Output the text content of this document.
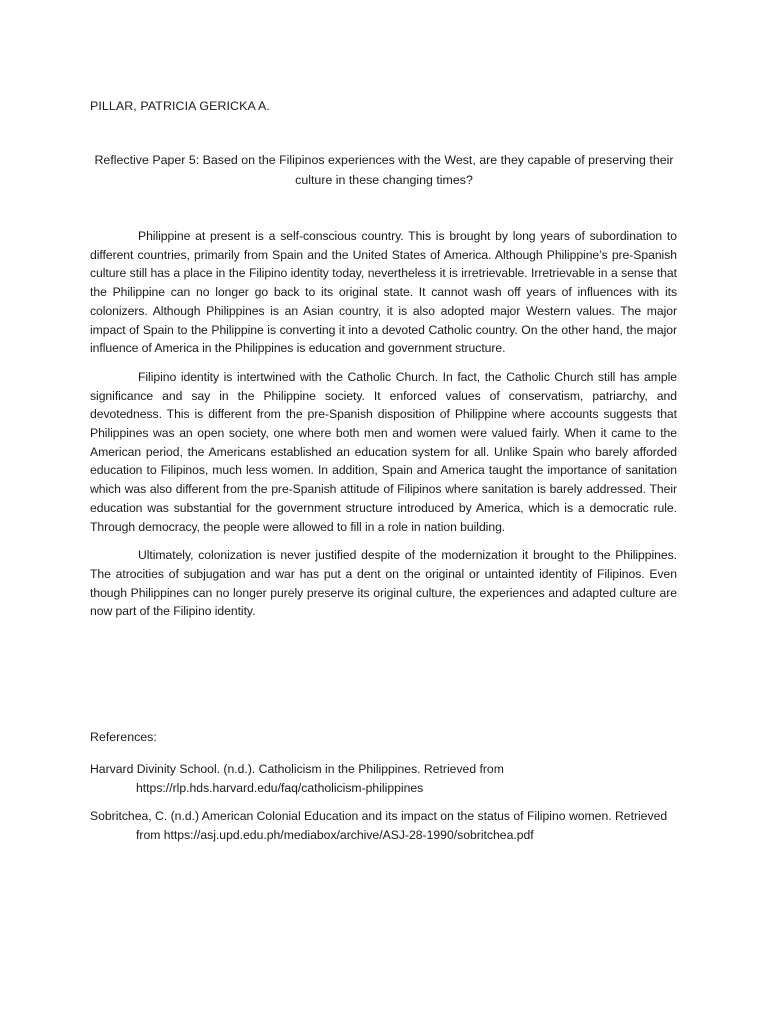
PILLAR, PATRICIA GERICKA A.
Reflective Paper 5: Based on the Filipinos experiences with the West, are they capable of preserving their culture in these changing times?

Philippine at present is a self-conscious country. This is brought by long years of subordination to different countries, primarily from Spain and the United States of America. Although Philippine’s pre-Spanish culture still has a place in the Filipino identity today, nevertheless it is irretrievable. Irretrievable in a sense that the Philippine can no longer go back to its original state. It cannot wash off years of influences with its colonizers. Although Philippines is an Asian country, it is also adopted major Western values. The major impact of Spain to the Philippine is converting it into a devoted Catholic country. On the other hand, the major influence of America in the Philippines is education and government structure.

Filipino identity is intertwined with the Catholic Church. In fact, the Catholic Church still has ample significance and say in the Philippine society. It enforced values of conservatism, patriarchy, and devotedness. This is different from the pre-Spanish disposition of Philippine where accounts suggests that Philippines was an open society, one where both men and women were valued fairly. When it came to the American period, the Americans established an education system for all. Unlike Spain who barely afforded education to Filipinos, much less women. In addition, Spain and America taught the importance of sanitation which was also different from the pre-Spanish attitude of Filipinos where sanitation is barely addressed. Their education was substantial for the government structure introduced by America, which is a democratic rule. Through democracy, the people were allowed to fill in a role in nation building.

Ultimately, colonization is never justified despite of the modernization it brought to the Philippines. The atrocities of subjugation and war has put a dent on the original or untainted identity of Filipinos. Even though Philippines can no longer purely preserve its original culture, the experiences and adapted culture are now part of the Filipino identity.

References:
Harvard Divinity School. (n.d.). Catholicism in the Philippines. Retrieved from https://rlp.hds.harvard.edu/faq/catholicism-philippines
Sobritchea, C. (n.d.) American Colonial Education and its impact on the status of Filipino women. Retrieved from https://asj.upd.edu.ph/mediabox/archive/ASJ-28-1990/sobritchea.pdf
